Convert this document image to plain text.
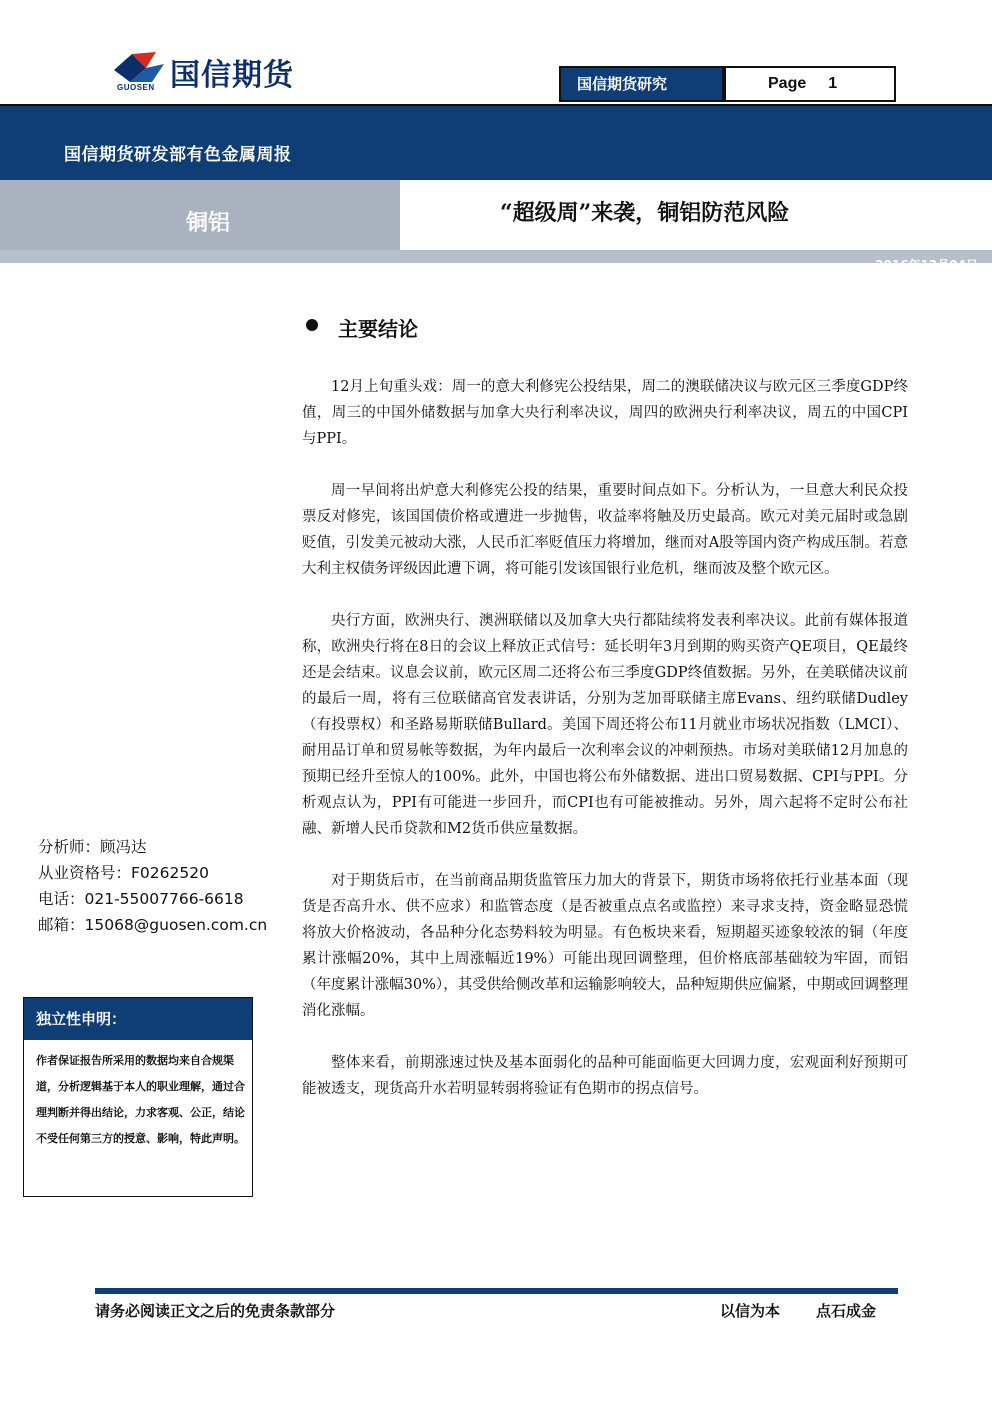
GUOSEN 国信期货	国信期货研究	Page 1
国信期货研发部有色金属周报
铜铝	“超级周”来袭，铜铝防范风险
2016年12月04日
主要结论

12月上旬重头戏：周一的意大利修宪公投结果，周二的澳联储决议与欧元区三季度GDP终值，周三的中国外储数据与加拿大央行利率决议，周四的欧洲央行利率决议，周五的中国CPI与PPI。

周一早间将出炉意大利修宪公投的结果，重要时间点如下。分析认为，一旦意大利民众投票反对修宪，该国国债价格或遭进一步抛售，收益率将触及历史最高。欧元对美元届时或急剧贬值，引发美元被动大涨，人民币汇率贬值压力将增加，继而对A股等国内资产构成压制。若意大利主权债务评级因此遭下调，将可能引发该国银行业危机，继而波及整个欧元区。

央行方面，欧洲央行、澳洲联储以及加拿大央行都陆续将发表利率决议。此前有媒体报道称，欧洲央行将在8日的会议上释放正式信号：延长明年3月到期的购买资产QE项目，QE最终还是会结束。议息会议前，欧元区周二还将公布三季度GDP终值数据。另外，在美联储决议前的最后一周，将有三位联储高官发表讲话，分别为芝加哥联储主席Evans、纽约联储Dudley（有投票权）和圣路易斯联储Bullard。美国下周还将公布11月就业市场状况指数（LMCI）、耐用品订单和贸易帐等数据，为年内最后一次利率会议的冲刺预热。市场对美联储12月加息的预期已经升至惊人的100%。此外，中国也将公布外储数据、进出口贸易数据、CPI与PPI。分析观点认为，PPI有可能进一步回升，而CPI也有可能被推动。另外，周六起将不定时公布社融、新增人民币贷款和M2货币供应量数据。

对于期货后市，在当前商品期货监管压力加大的背景下，期货市场将依托行业基本面（现货是否高升水、供不应求）和监管态度（是否被重点点名或监控）来寻求支持，资金略显恐慌将放大价格波动，各品种分化态势料较为明显。有色板块来看，短期超买迹象较浓的铜（年度累计涨幅20%，其中上周涨幅近19%）可能出现回调整理，但价格底部基础较为牢固，而铝（年度累计涨幅30%），其受供给侧改革和运输影响较大，品种短期供应偏紧，中期或回调整理消化涨幅。

整体来看，前期涨速过快及基本面弱化的品种可能面临更大回调力度，宏观面利好预期可能被透支，现货高升水若明显转弱将验证有色期市的拐点信号。

分析师：顾冯达
从业资格号：F0262520
电话：021-55007766-6618
邮箱：15068@guosen.com.cn
独立性申明：
作者保证报告所采用的数据均来自合规渠道，分析逻辑基于本人的职业理解，通过合理判断并得出结论，力求客观、公正，结论不受任何第三方的授意、影响，特此声明。
请务必阅读正文之后的免责条款部分	以信为本 点石成金
